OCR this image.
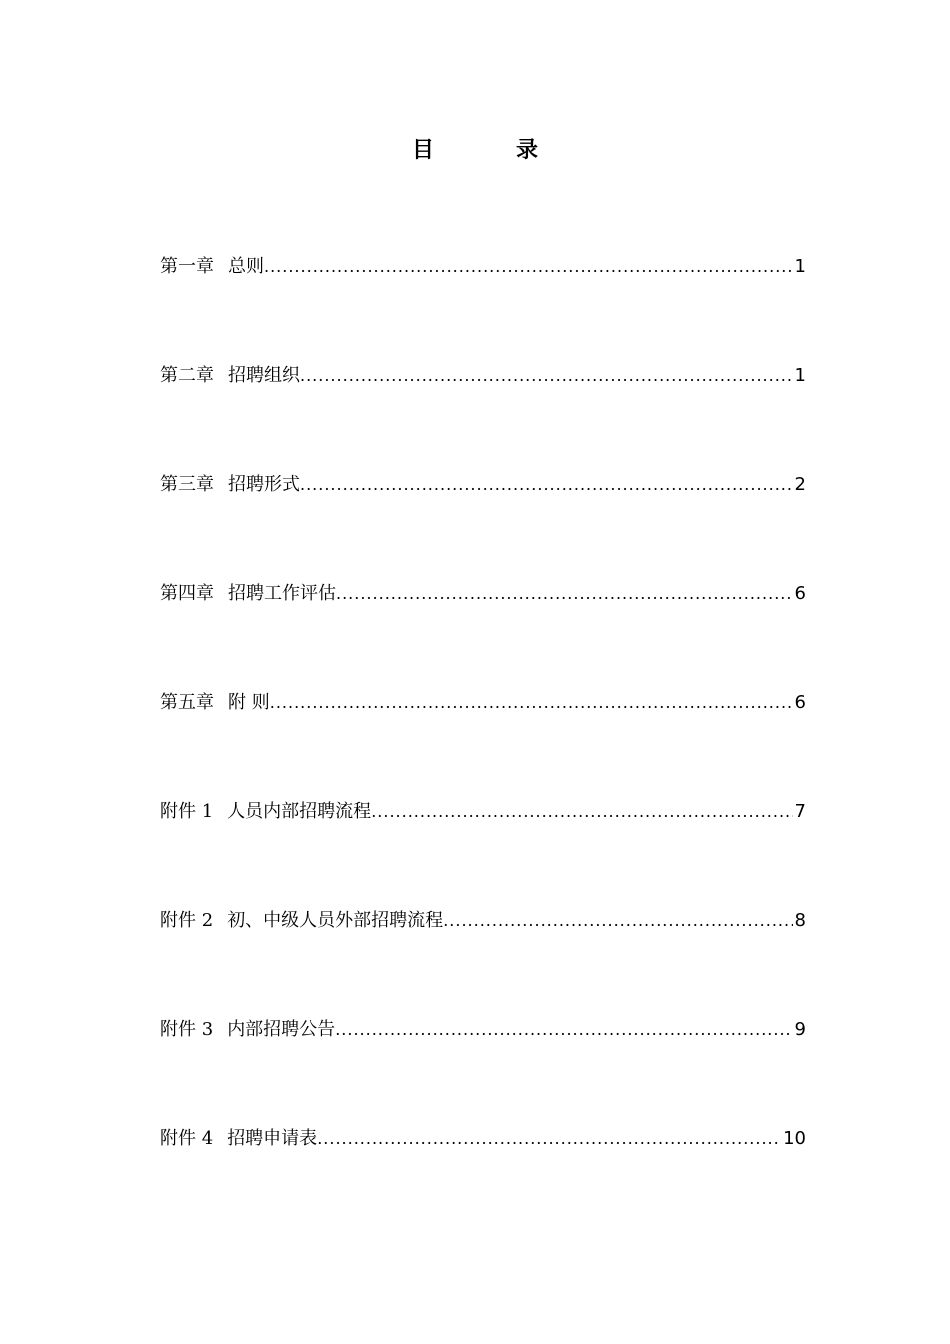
目　录
第一章 总则 .....	1
第二章 招聘组织 .....	1
第三章 招聘形式 .....	2
第四章 招聘工作评估 .....	6
第五章 附 则 .....	6
附件 1 人员内部招聘流程 .....	7
附件 2 初、中级人员外部招聘流程 .....	8
附件 3 内部招聘公告 .....	9
附件 4 招聘申请表 .....	10
